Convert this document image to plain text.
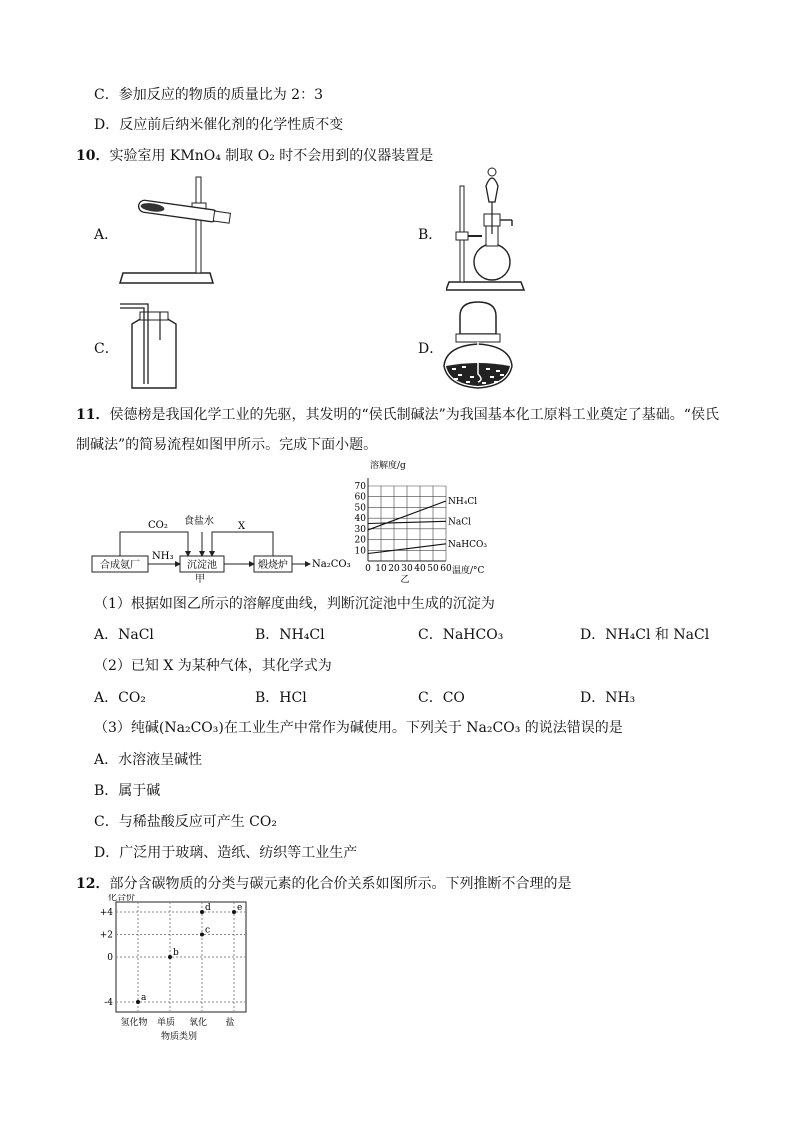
C．参加反应的物质的质量比为 2：3
D．反应前后纳米催化剂的化学性质不变
10．实验室用 KMnO₄ 制取 O₂ 时不会用到的仪器装置是
A．	B．
C．	D．
11．侯德榜是我国化学工业的先驱，其发明的“侯氏制碱法”为我国基本化工原料工业奠定了基础。“侯氏
制碱法”的简易流程如图甲所示。完成下面小题。
合成氨厂	沉淀池	煅烧炉
NH₃
Na₂CO₃
CO₂ 食盐水 X
甲
溶解度/g
0 10 20 30 40 50 60
10
20
30
40
50
60
70
温度/°C
NH₄Cl
NaCl
NaHCO₃
乙
（1）根据如图乙所示的溶解度曲线，判断沉淀池中生成的沉淀为
A．NaCl	B．NH₄Cl	C．NaHCO₃	D．NH₄Cl 和 NaCl
（2）已知 X 为某种气体，其化学式为
A．CO₂	B．HCl	C．CO	D．NH₃
（3）纯碱(Na₂CO₃)在工业生产中常作为碱使用。下列关于 Na₂CO₃ 的说法错误的是
A．水溶液呈碱性
B．属于碱
C．与稀盐酸反应可产生 CO₂
D．广泛用于玻璃、造纸、纺织等工业生产
12．部分含碳物质的分类与碳元素的化合价关系如图所示。下列推断不合理的是
化合价
+4
+2
0
-4
氢化物 单质 氧化 盐
a
b
c
d	e
物质类别
